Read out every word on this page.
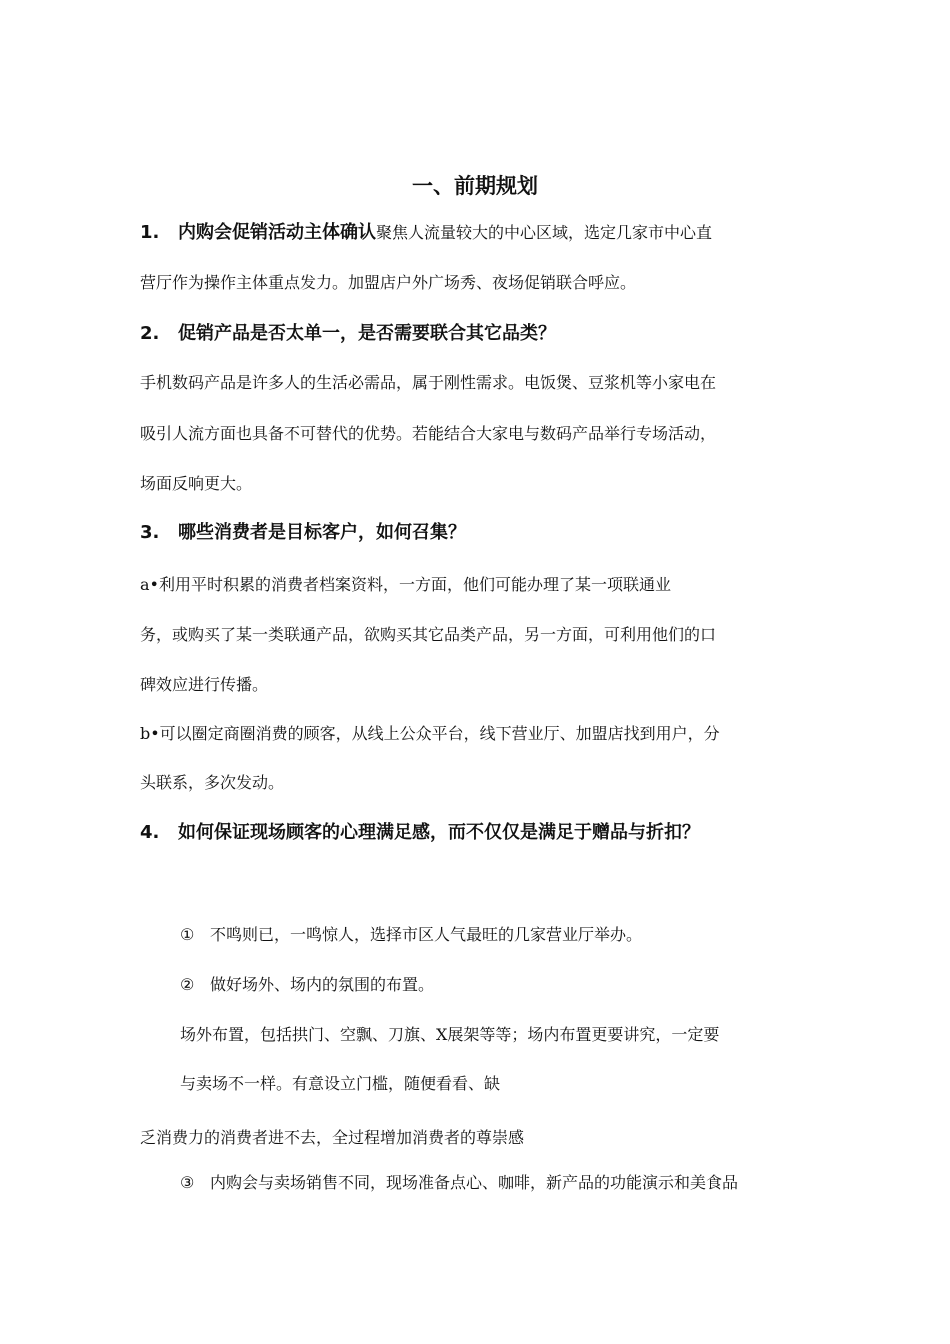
一、前期规划
1. 内购会促销活动主体确认聚焦人流量较大的中心区域，选定几家市中心直
营厅作为操作主体重点发力。加盟店户外广场秀、夜场促销联合呼应。
2. 促销产品是否太单一，是否需要联合其它品类？
手机数码产品是许多人的生活必需品，属于刚性需求。电饭煲、豆浆机等小家电在
吸引人流方面也具备不可替代的优势。若能结合大家电与数码产品举行专场活动，
场面反响更大。
3. 哪些消费者是目标客户，如何召集？
a•利用平时积累的消费者档案资料，一方面，他们可能办理了某一项联通业
务，或购买了某一类联通产品，欲购买其它品类产品，另一方面，可利用他们的口
碑效应进行传播。
b•可以圈定商圈消费的顾客，从线上公众平台，线下营业厅、加盟店找到用户，分
头联系，多次发动。
4. 如何保证现场顾客的心理满足感，而不仅仅是满足于赠品与折扣？
① 不鸣则已，一鸣惊人，选择市区人气最旺的几家营业厅举办。
② 做好场外、场内的氛围的布置。
场外布置，包括拱门、空飘、刀旗、X展架等等；场内布置更要讲究，一定要
与卖场不一样。有意设立门槛，随便看看、缺
乏消费力的消费者进不去，全过程增加消费者的尊崇感
③ 内购会与卖场销售不同，现场准备点心、咖啡，新产品的功能演示和美食品
